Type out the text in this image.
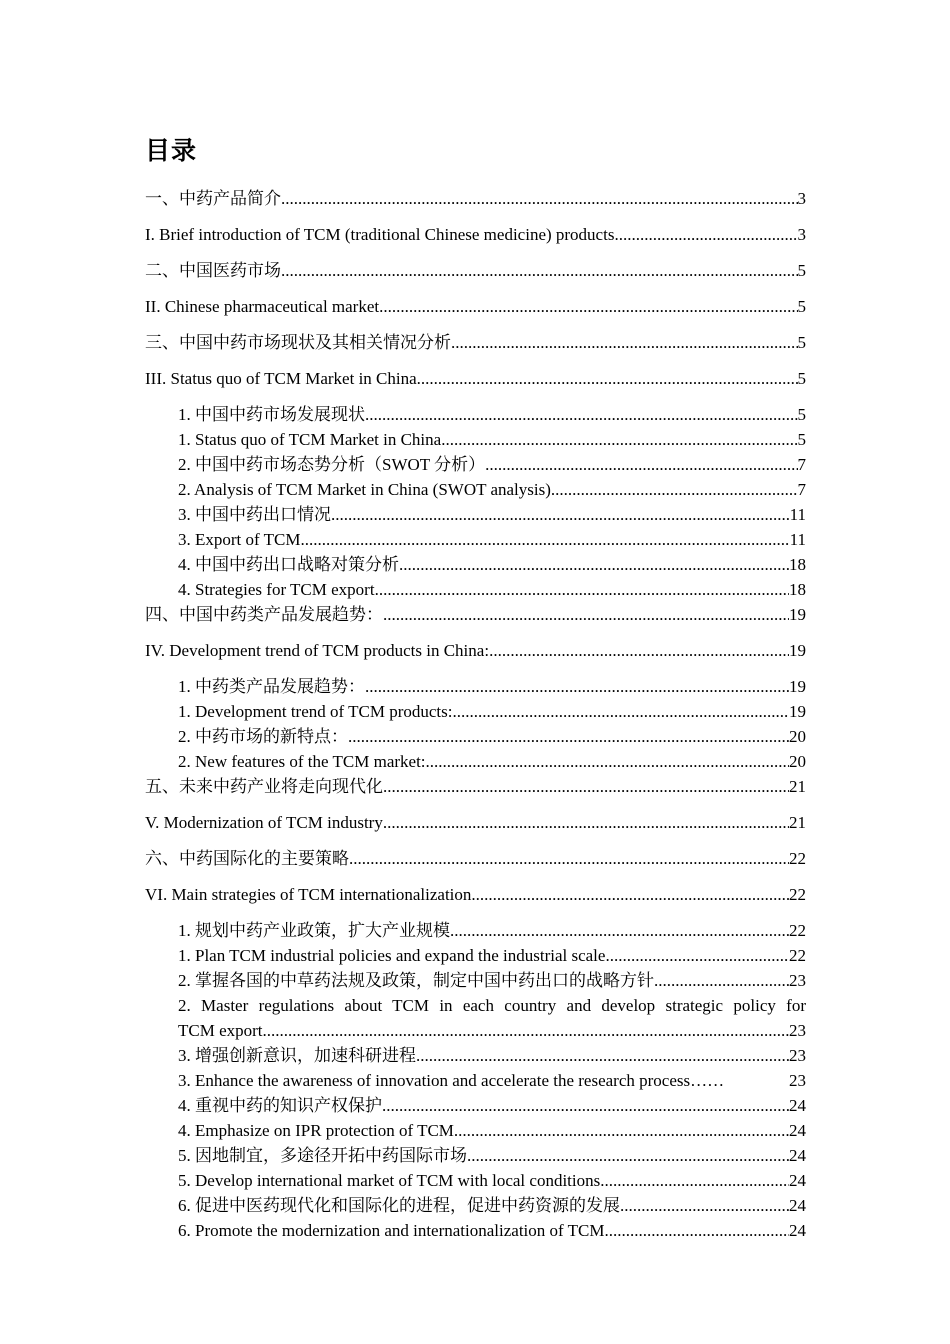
目录
一、中药产品简介 .....	3
I. Brief introduction of TCM (traditional Chinese medicine) products .....	3
二、中国医药市场 .....	5
II. Chinese pharmaceutical market .....	5
三、中国中药市场现状及其相关情况分析 .....	5
III. Status quo of TCM Market in China .....	5
1. 中国中药市场发展现状 .....	5
1. Status quo of TCM Market in China .....	5
2. 中国中药市场态势分析（SWOT 分析） .....	7
2. Analysis of TCM Market in China (SWOT analysis) .....	7
3. 中国中药出口情况 .....	11
3. Export of TCM .....	11
4. 中国中药出口战略对策分析 .....	18
4. Strategies for TCM export .....	18
四、中国中药类产品发展趋势： .....	19
IV. Development trend of TCM products in China: .....	19
1. 中药类产品发展趋势： .....	19
1. Development trend of TCM products: .....	19
2. 中药市场的新特点： .....	20
2. New features of the TCM market: .....	20
五、未来中药产业将走向现代化 .....	21
V. Modernization of TCM industry .....	21
六、中药国际化的主要策略 .....	22
VI. Main strategies of TCM internationalization .....	22
1. 规划中药产业政策，扩大产业规模 .....	22
1. Plan TCM industrial policies and expand the industrial scale .....	22
2. 掌握各国的中草药法规及政策，制定中国中药出口的战略方针 .....	23
2. Master regulations about TCM in each country and develop strategic policy for
TCM export .....	23
3. 增强创新意识，加速科研进程 .....	23
3. Enhance the awareness of innovation and accelerate the research process……	23
4. 重视中药的知识产权保护 .....	24
4. Emphasize on IPR protection of TCM .....	24
5. 因地制宜，多途径开拓中药国际市场 .....	24
5. Develop international market of TCM with local conditions .....	24
6. 促进中医药现代化和国际化的进程，促进中药资源的发展 .....	24
6. Promote the modernization and internationalization of TCM .....	24
